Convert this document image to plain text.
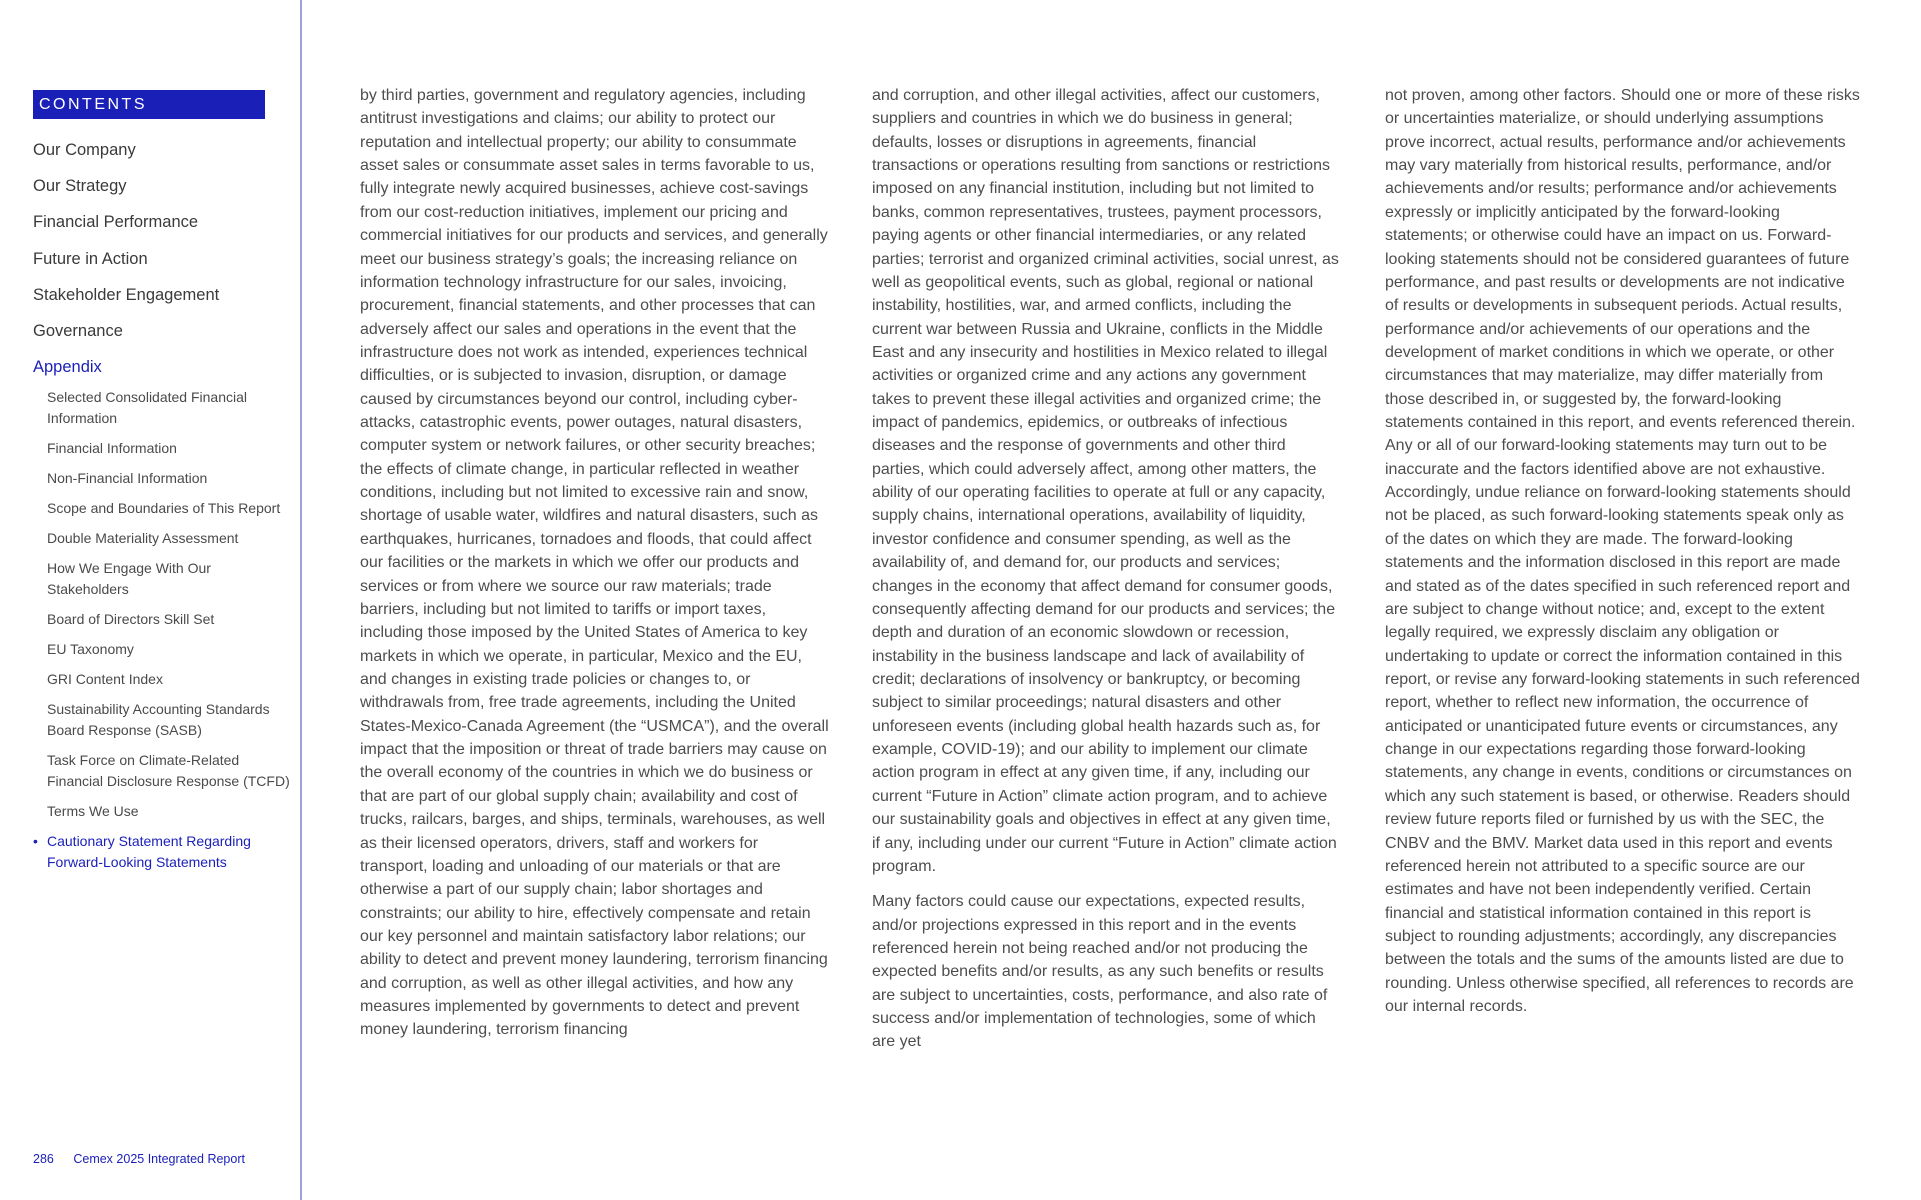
CONTENTS
Our Company
Our Strategy
Financial Performance
Future in Action
Stakeholder Engagement
Governance
Appendix
Selected Consolidated Financial Information
Financial Information
Non-Financial Information
Scope and Boundaries of This Report
Double Materiality Assessment
How We Engage With Our Stakeholders
Board of Directors Skill Set
EU Taxonomy
GRI Content Index
Sustainability Accounting Standards Board Response (SASB)
Task Force on Climate-Related Financial Disclosure Response (TCFD)
Terms We Use
• Cautionary Statement Regarding Forward-Looking Statements
286 Cemex 2025 Integrated Report

by third parties, government and regulatory agencies, including antitrust investigations and claims; our ability to protect our reputation and intellectual property; our ability to consummate asset sales or consummate asset sales in terms favorable to us, fully integrate newly acquired businesses, achieve cost-savings from our cost-reduction initiatives, implement our pricing and commercial initiatives for our products and services, and generally meet our business strategy’s goals; the increasing reliance on information technology infrastructure for our sales, invoicing, procurement, financial statements, and other processes that can adversely affect our sales and operations in the event that the infrastructure does not work as intended, experiences technical difficulties, or is subjected to invasion, disruption, or damage caused by circumstances beyond our control, including cyber-attacks, catastrophic events, power outages, natural disasters, computer system or network failures, or other security breaches; the effects of climate change, in particular reflected in weather conditions, including but not limited to excessive rain and snow, shortage of usable water, wildfires and natural disasters, such as earthquakes, hurricanes, tornadoes and floods, that could affect our facilities or the markets in which we offer our products and services or from where we source our raw materials; trade barriers, including but not limited to tariffs or import taxes, including those imposed by the United States of America to key markets in which we operate, in particular, Mexico and the EU, and changes in existing trade policies or changes to, or withdrawals from, free trade agreements, including the United States-Mexico-Canada Agreement (the “USMCA”), and the overall impact that the imposition or threat of trade barriers may cause on the overall economy of the countries in which we do business or that are part of our global supply chain; availability and cost of trucks, railcars, barges, and ships, terminals, warehouses, as well as their licensed operators, drivers, staff and workers for transport, loading and unloading of our materials or that are otherwise a part of our supply chain; labor shortages and constraints; our ability to hire, effectively compensate and retain our key personnel and maintain satisfactory labor relations; our ability to detect and prevent money laundering, terrorism financing and corruption, as well as other illegal activities, and how any measures implemented by governments to detect and prevent money laundering, terrorism financing

and corruption, and other illegal activities, affect our customers, suppliers and countries in which we do business in general; defaults, losses or disruptions in agreements, financial transactions or operations resulting from sanctions or restrictions imposed on any financial institution, including but not limited to banks, common representatives, trustees, payment processors, paying agents or other financial intermediaries, or any related parties; terrorist and organized criminal activities, social unrest, as well as geopolitical events, such as global, regional or national instability, hostilities, war, and armed conflicts, including the current war between Russia and Ukraine, conflicts in the Middle East and any insecurity and hostilities in Mexico related to illegal activities or organized crime and any actions any government takes to prevent these illegal activities and organized crime; the impact of pandemics, epidemics, or outbreaks of infectious diseases and the response of governments and other third parties, which could adversely affect, among other matters, the ability of our operating facilities to operate at full or any capacity, supply chains, international operations, availability of liquidity, investor confidence and consumer spending, as well as the availability of, and demand for, our products and services; changes in the economy that affect demand for consumer goods, consequently affecting demand for our products and services; the depth and duration of an economic slowdown or recession, instability in the business landscape and lack of availability of credit; declarations of insolvency or bankruptcy, or becoming subject to similar proceedings; natural disasters and other unforeseen events (including global health hazards such as, for example, COVID-19); and our ability to implement our climate action program in effect at any given time, if any, including our current “Future in Action” climate action program, and to achieve our sustainability goals and objectives in effect at any given time, if any, including under our current “Future in Action” climate action program.

Many factors could cause our expectations, expected results, and/or projections expressed in this report and in the events referenced herein not being reached and/or not producing the expected benefits and/or results, as any such benefits or results are subject to uncertainties, costs, performance, and also rate of success and/or implementation of technologies, some of which are yet

not proven, among other factors. Should one or more of these risks or uncertainties materialize, or should underlying assumptions prove incorrect, actual results, performance and/or achievements may vary materially from historical results, performance, and/or achievements and/or results; performance and/or achievements expressly or implicitly anticipated by the forward-looking statements; or otherwise could have an impact on us. Forward-looking statements should not be considered guarantees of future performance, and past results or developments are not indicative of results or developments in subsequent periods. Actual results, performance and/or achievements of our operations and the development of market conditions in which we operate, or other circumstances that may materialize, may differ materially from those described in, or suggested by, the forward-looking statements contained in this report, and events referenced therein. Any or all of our forward-looking statements may turn out to be inaccurate and the factors identified above are not exhaustive. Accordingly, undue reliance on forward-looking statements should not be placed, as such forward-looking statements speak only as of the dates on which they are made. The forward-looking statements and the information disclosed in this report are made and stated as of the dates specified in such referenced report and are subject to change without notice; and, except to the extent legally required, we expressly disclaim any obligation or undertaking to update or correct the information contained in this report, or revise any forward-looking statements in such referenced report, whether to reflect new information, the occurrence of anticipated or unanticipated future events or circumstances, any change in our expectations regarding those forward-looking statements, any change in events, conditions or circumstances on which any such statement is based, or otherwise. Readers should review future reports filed or furnished by us with the SEC, the CNBV and the BMV. Market data used in this report and events referenced herein not attributed to a specific source are our estimates and have not been independently verified. Certain financial and statistical information contained in this report is subject to rounding adjustments; accordingly, any discrepancies between the totals and the sums of the amounts listed are due to rounding. Unless otherwise specified, all references to records are our internal records.
